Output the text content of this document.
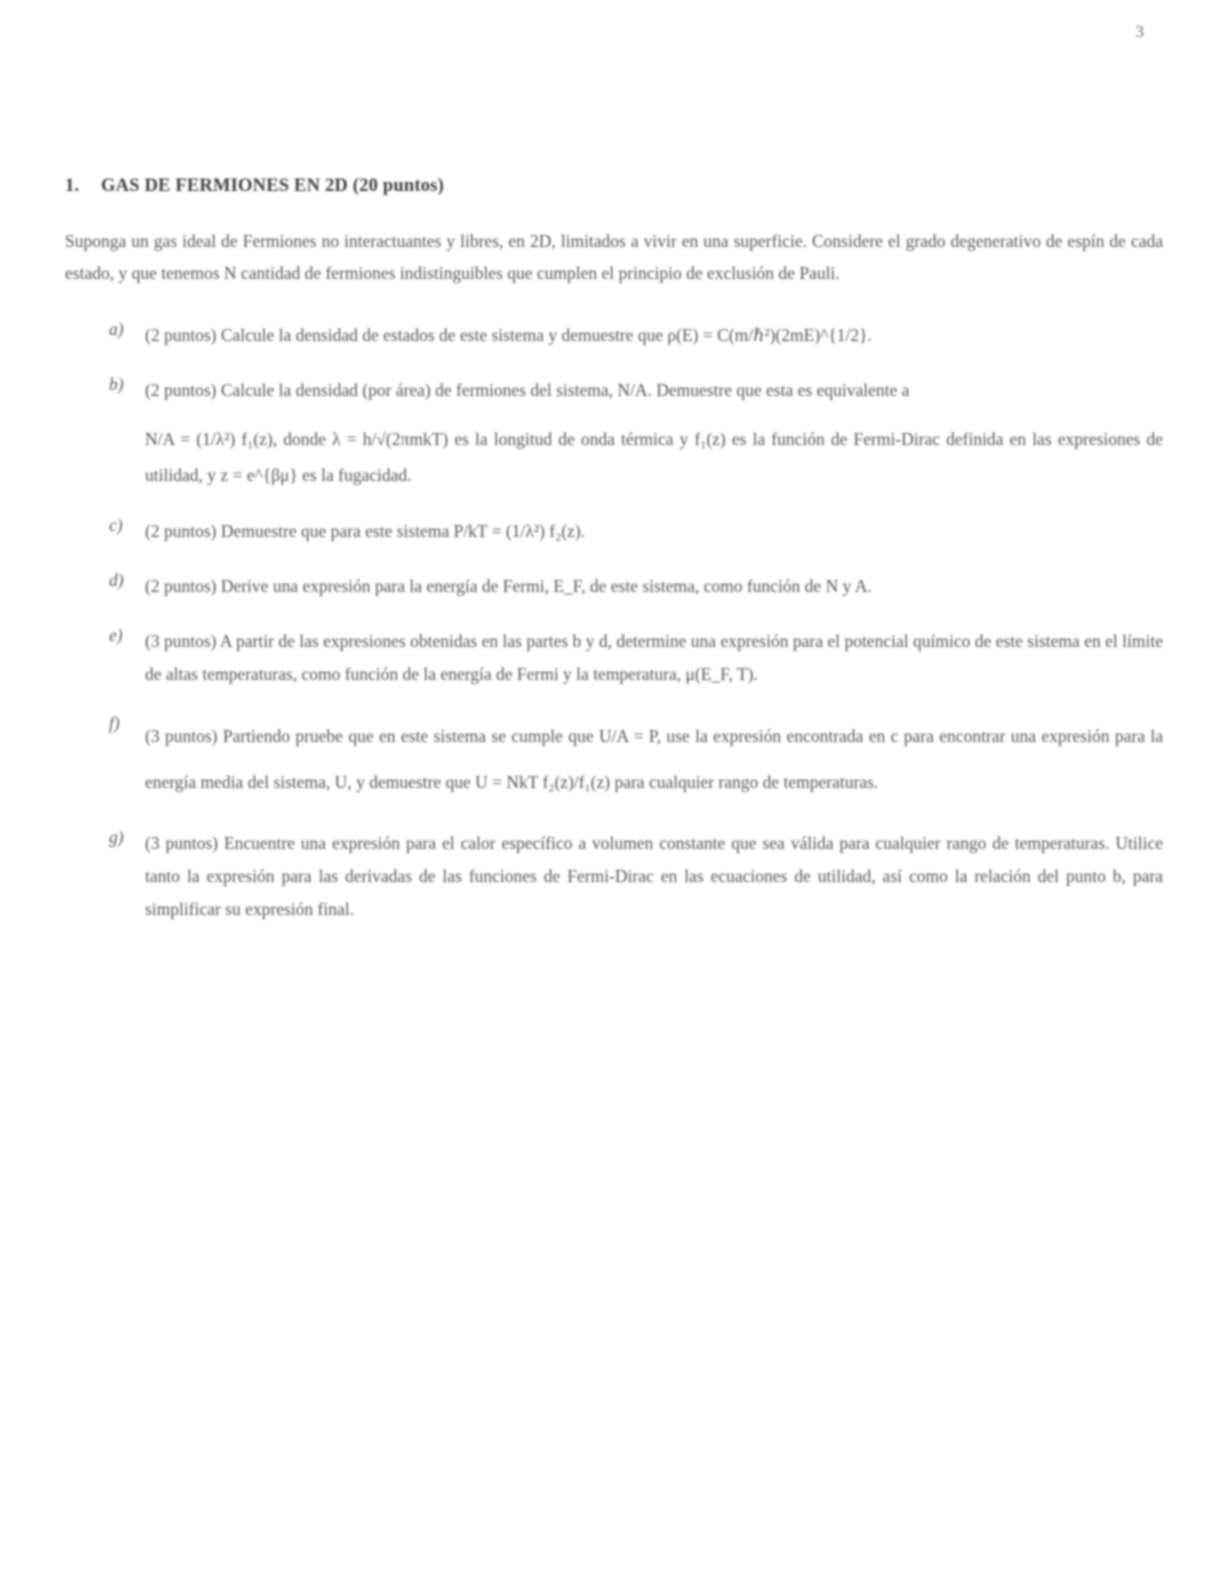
3
1.	GAS DE FERMIONES EN 2D (20 puntos)

Suponga un gas ideal de Fermiones no interactuantes y libres, en 2D, limitados a vivir en una superficie. Considere el grado degenerativo de espín de cada estado, y que tenemos N cantidad de fermiones indistinguibles que cumplen el principio de exclusión de Pauli.

a)	(2 puntos) Calcule la densidad de estados de este sistema y demuestre que ρ(E) = C(m/ℏ²)(2mE)^{1/2}.

b)	(2 puntos) Calcule la densidad (por área) de fermiones del sistema, N/A. Demuestre que esta es equivalente a

N/A = (1/λ²) f₁(z), donde λ = h/√(2πmkT) es la longitud de onda térmica y f₁(z) es la función de Fermi-Dirac definida en las expresiones de utilidad, y z = e^{βμ} es la fugacidad.

c)	(2 puntos) Demuestre que para este sistema P/kT = (1/λ²) f₂(z).

d)	(2 puntos) Derive una expresión para la energía de Fermi, E_F, de este sistema, como función de N y A.

e)	(3 puntos) A partir de las expresiones obtenidas en las partes b y d, determine una expresión para el potencial químico de este sistema en el límite de altas temperaturas, como función de la energía de Fermi y la temperatura, μ(E_F, T).

f)

(3 puntos) Partiendo pruebe que en este sistema se cumple que U/A = P, use la expresión encontrada en c para encontrar una expresión para la energía media del sistema, U, y demuestre que U = NkT f₂(z)/f₁(z) para cualquier rango de temperaturas.

g)	(3 puntos) Encuentre una expresión para el calor específico a volumen constante que sea válida para cualquier rango de temperaturas. Utilice tanto la expresión para las derivadas de las funciones de Fermi-Dirac en las ecuaciones de utilidad, así como la relación del punto b, para simplificar su expresión final.
